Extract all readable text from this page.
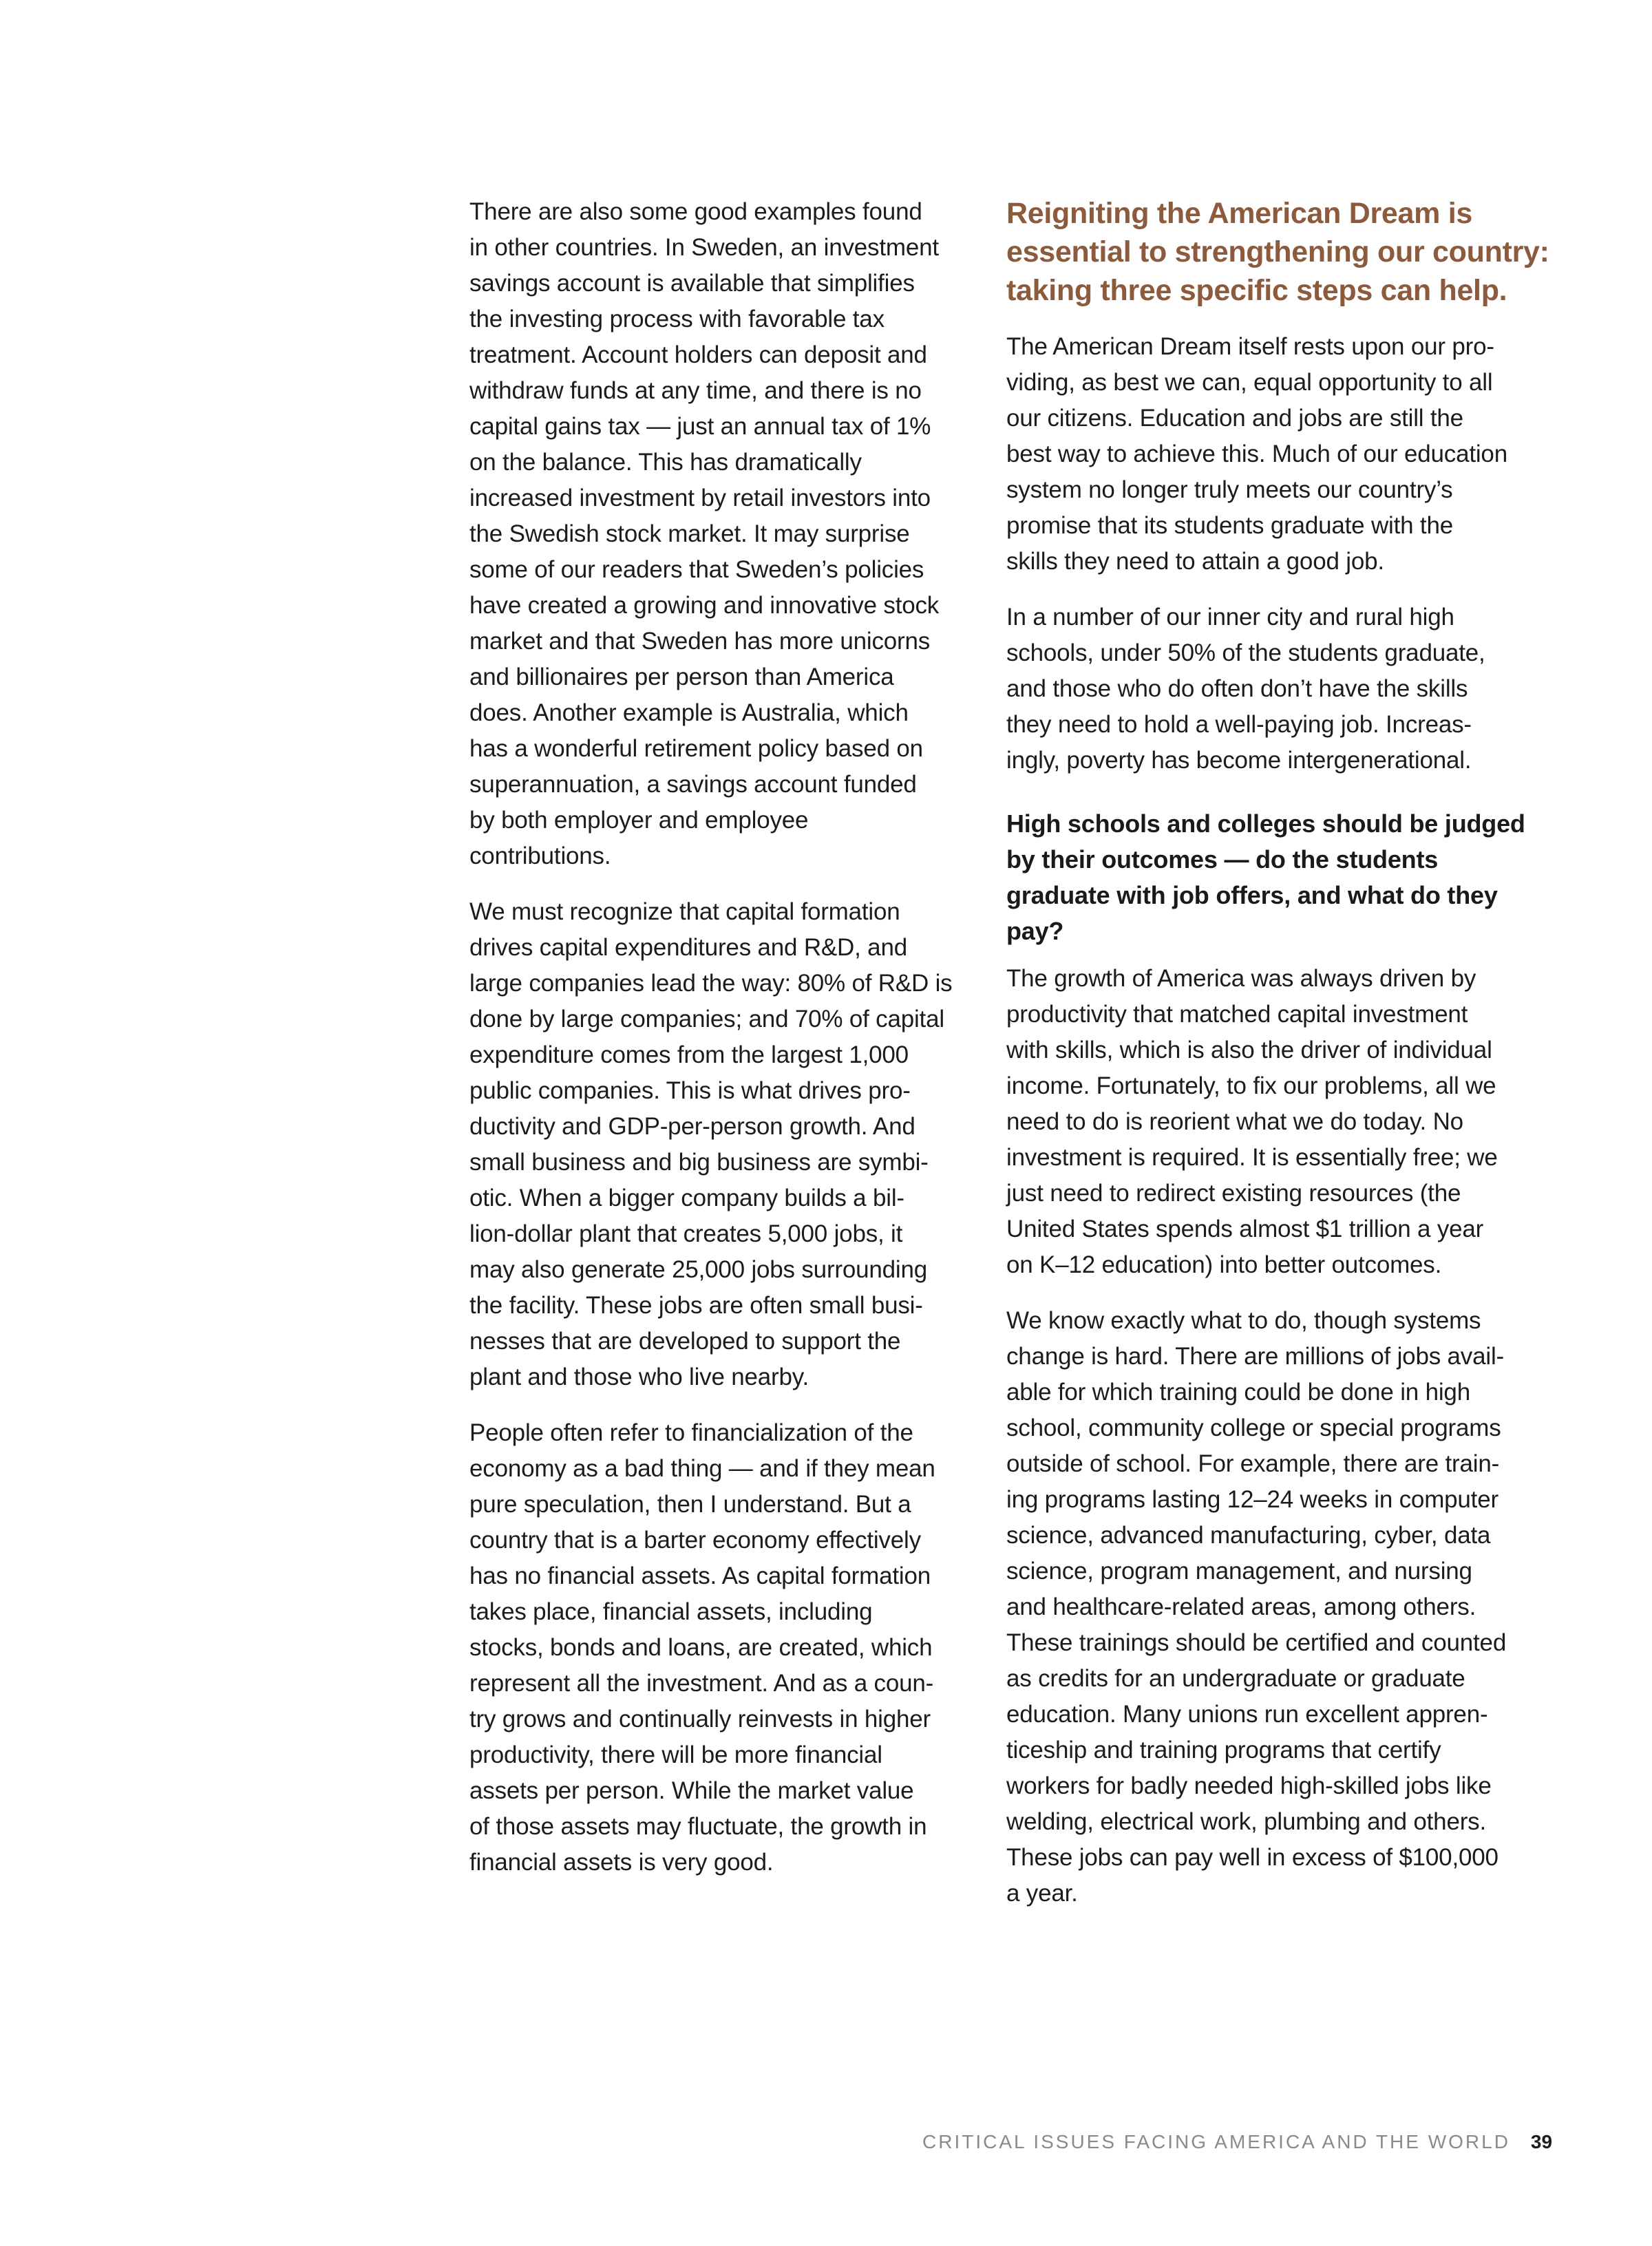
There are also some good examples found
in other countries. In Sweden, an investment
savings account is available that simplifies
the investing process with favorable tax
treatment. Account holders can deposit and
withdraw funds at any time, and there is no
capital gains tax — just an annual tax of 1%
on the balance. This has dramatically
increased investment by retail investors into
the Swedish stock market. It may surprise
some of our readers that Sweden’s policies
have created a growing and innovative stock
market and that Sweden has more unicorns
and billionaires per person than America
does. Another example is Australia, which
has a wonderful retirement policy based on
superannuation, a savings account funded
by both employer and employee
contributions.

We must recognize that capital formation
drives capital expenditures and R&D, and
large companies lead the way: 80% of R&D is
done by large companies; and 70% of capital
expenditure comes from the largest 1,000
public companies. This is what drives pro-
ductivity and GDP-per-person growth. And
small business and big business are symbi-
otic. When a bigger company builds a bil-
lion-dollar plant that creates 5,000 jobs, it
may also generate 25,000 jobs surrounding
the facility. These jobs are often small busi-
nesses that are developed to support the
plant and those who live nearby.

People often refer to financialization of the
economy as a bad thing — and if they mean
pure speculation, then I understand. But a
country that is a barter economy effectively
has no financial assets. As capital formation
takes place, financial assets, including
stocks, bonds and loans, are created, which
represent all the investment. And as a coun-
try grows and continually reinvests in higher
productivity, there will be more financial
assets per person. While the market value
of those assets may fluctuate, the growth in
financial assets is very good.

Reigniting the American Dream is
essential to strengthening our country:
taking three specific steps can help.

The American Dream itself rests upon our pro-
viding, as best we can, equal opportunity to all
our citizens. Education and jobs are still the
best way to achieve this. Much of our education
system no longer truly meets our country’s
promise that its students graduate with the
skills they need to attain a good job.

In a number of our inner city and rural high
schools, under 50% of the students graduate,
and those who do often don’t have the skills
they need to hold a well-paying job. Increas-
ingly, poverty has become intergenerational.

High schools and colleges should be judged
by their outcomes — do the students
graduate with job offers, and what do they
pay?

The growth of America was always driven by
productivity that matched capital investment
with skills, which is also the driver of individual
income. Fortunately, to fix our problems, all we
need to do is reorient what we do today. No
investment is required. It is essentially free; we
just need to redirect existing resources (the
United States spends almost $1 trillion a year
on K–12 education) into better outcomes.

We know exactly what to do, though systems
change is hard. There are millions of jobs avail-
able for which training could be done in high
school, community college or special programs
outside of school. For example, there are train-
ing programs lasting 12–24 weeks in computer
science, advanced manufacturing, cyber, data
science, program management, and nursing
and healthcare-related areas, among others.
These trainings should be certified and counted
as credits for an undergraduate or graduate
education. Many unions run excellent appren-
ticeship and training programs that certify
workers for badly needed high-skilled jobs like
welding, electrical work, plumbing and others.
These jobs can pay well in excess of $100,000
a year.

CRITICAL ISSUES FACING AMERICA AND THE WORLD 39
